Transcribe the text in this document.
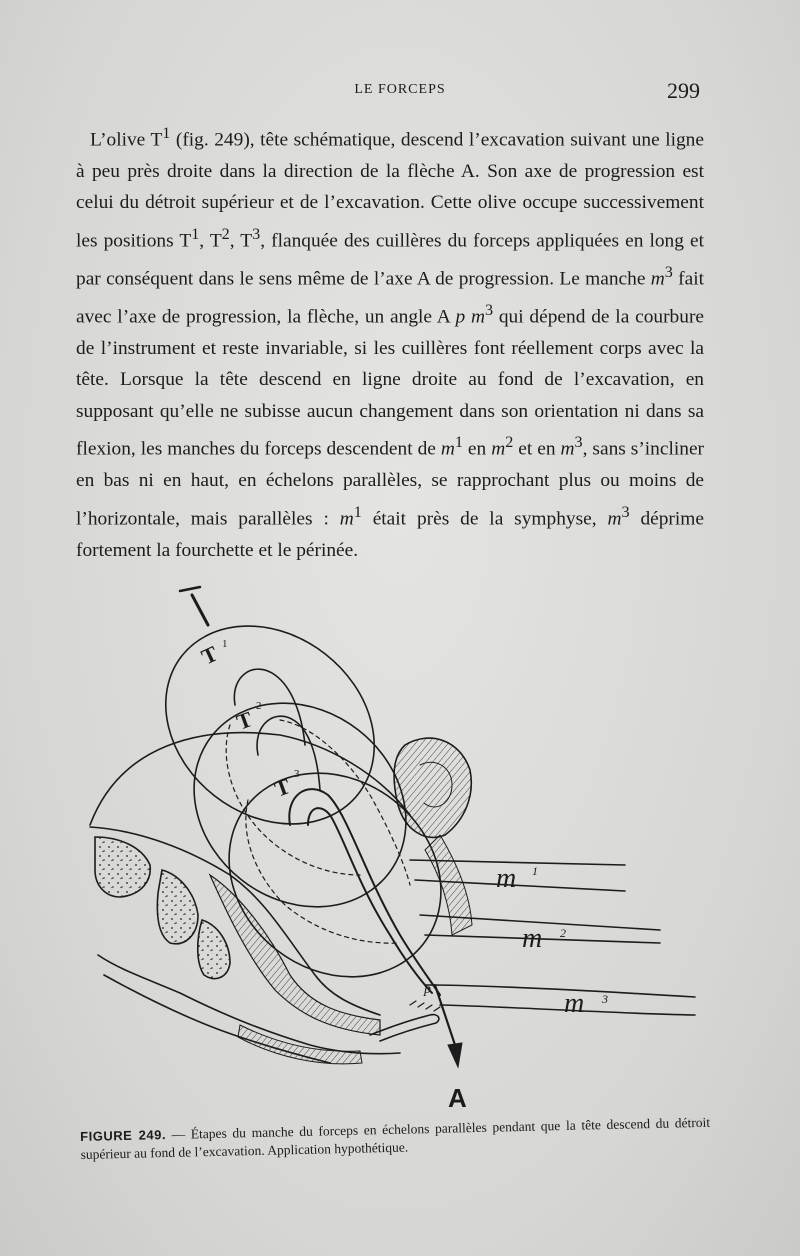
LE FORCEPS	299

L’olive $T^1$ (fig. 249), tête schématique, descend l’excavation suivant une ligne à peu près droite dans la direction de la flèche A. Son axe de progression est celui du détroit supérieur et de l’excavation. Cette olive occupe successivement les positions $T^1$, $T^2$, $T^3$, flanquée des cuillères du forceps appliquées en long et par conséquent dans le sens même de l’axe A de progression. Le manche $m^3$ fait avec l’axe de progression, la flèche, un angle A p $m^3$ qui dépend de la courbure de l’instrument et reste invariable, si les cuillères font réellement corps avec la tête. Lorsque la tête descend en ligne droite au fond de l’excavation, en supposant qu’elle ne subisse aucun changement dans son orientation ni dans sa flexion, les manches du forceps descendent de $m^1$ en $m^2$ et en $m^3$, sans s’incliner en bas ni en haut, en échelons parallèles, se rapprochant plus ou moins de l’horizontale, mais parallèles : $m^1$ était près de la symphyse, $m^3$ déprime fortement la fourchette et le périnée.

T 1
T
2
T 3
m 1
m 2
m 3
p
A
FIGURE 249. — Étapes du manche du forceps en échelons parallèles pendant que la tête descend du détroit supérieur au fond de l’excavation. Application hypothétique.
